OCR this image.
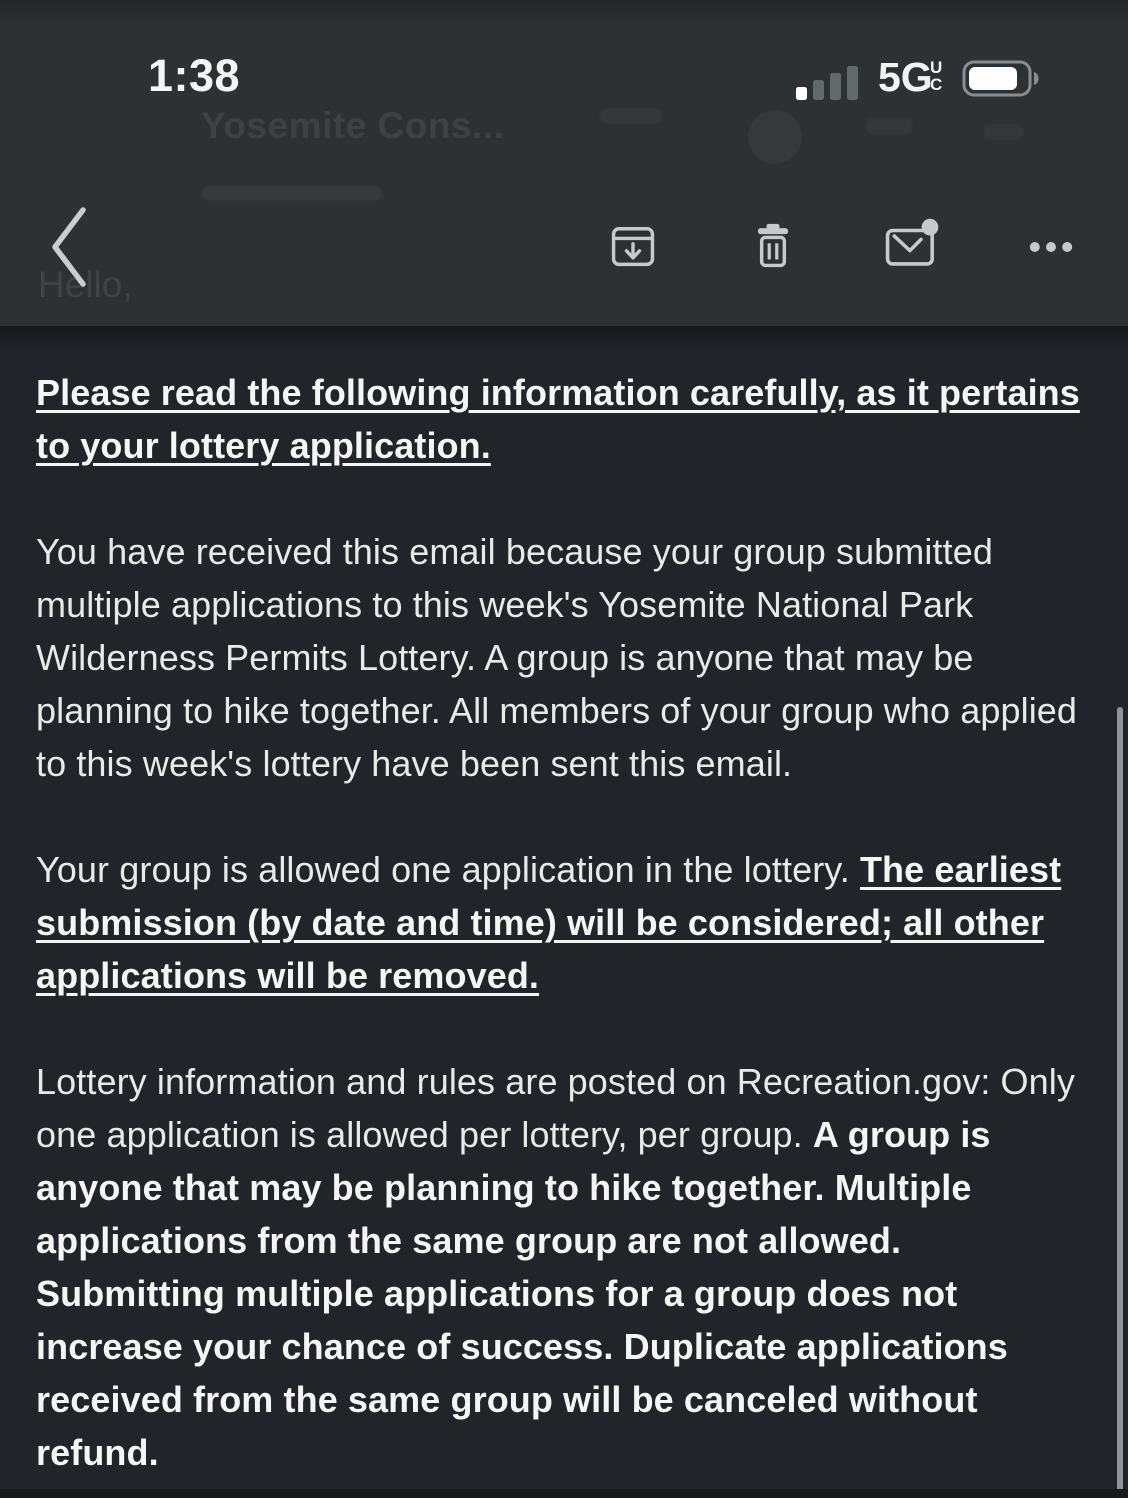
1:38	5G
U
C
Yosemite Cons...
Hello,

Please read the following information carefully, as it pertains to your lottery application.

You have received this email because your group submitted multiple applications to this week's Yosemite National Park Wilderness Permits Lottery. A group is anyone that may be planning to hike together. All members of your group who applied to this week's lottery have been sent this email.

Your group is allowed one application in the lottery. The earliest submission (by date and time) will be considered; all other applications will be removed.

Lottery information and rules are posted on Recreation.gov: Only one application is allowed per lottery, per group. A group is anyone that may be planning to hike together. Multiple applications from the same group are not allowed. Submitting multiple applications for a group does not increase your chance of success. Duplicate applications received from the same group will be canceled without refund.
